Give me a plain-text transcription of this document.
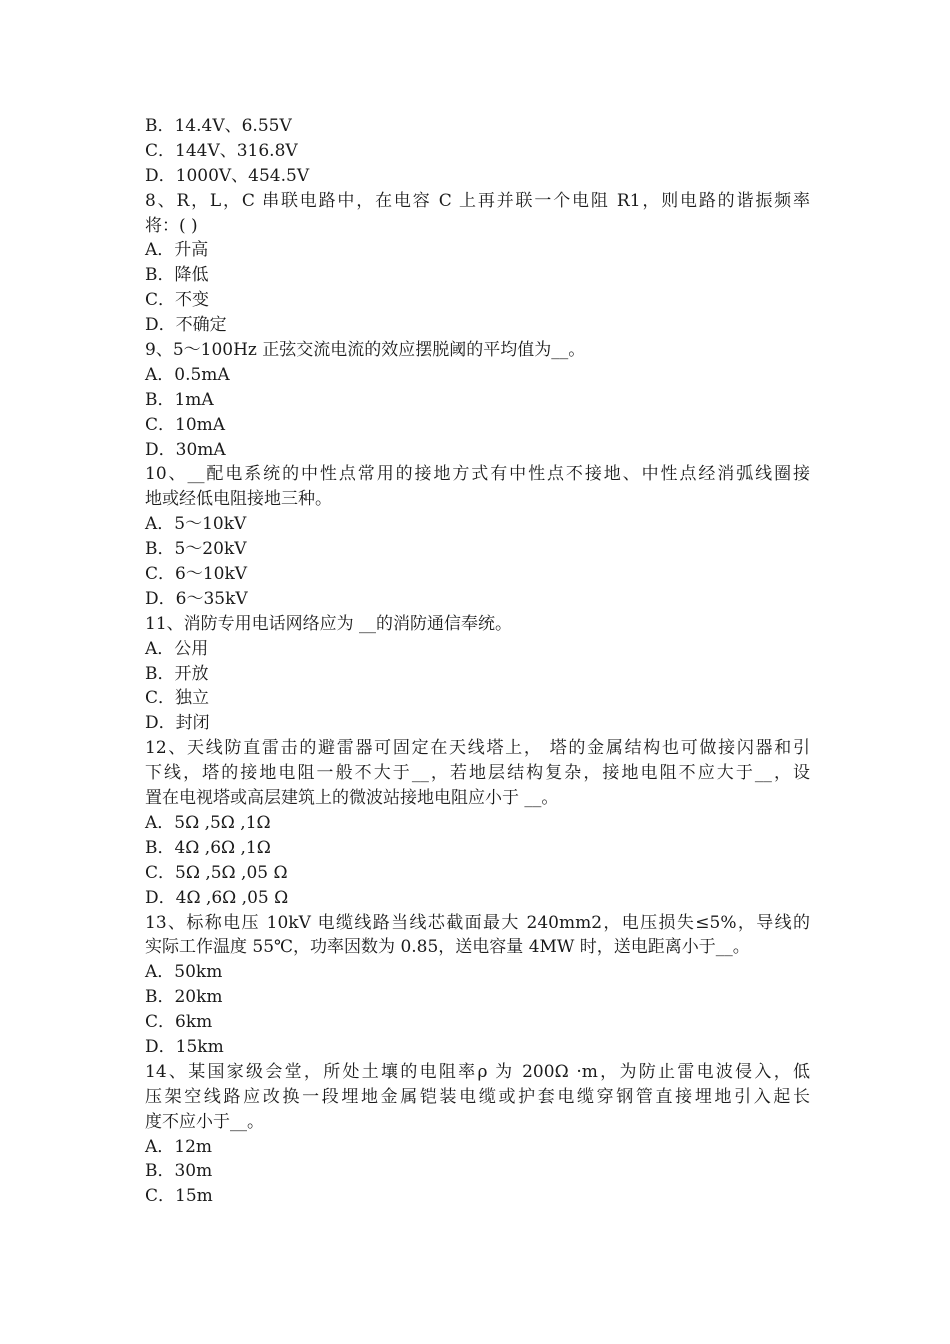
B．14.4V、6.55V
C．144V、316.8V
D．1000V、454.5V
8、R，L，C 串联电路中，在电容 C 上再并联一个电阻 R1，则电路的谐振频率
将：( )
A．升高
B．降低
C．不变
D．不确定
9、5～100Hz 正弦交流电流的效应摆脱阈的平均值为__。
A．0.5mA
B．1mA
C．10mA
D．30mA
10、__配电系统的中性点常用的接地方式有中性点不接地、中性点经消弧线圈接
地或经低电阻接地三种。
A．5～10kV
B．5～20kV
C．6～10kV
D．6～35kV
11、消防专用电话网络应为 __的消防通信奉统。
A．公用
B．开放
C．独立
D．封闭
12、天线防直雷击的避雷器可固定在天线塔上， 塔的金属结构也可做接闪器和引
下线，塔的接地电阻一般不大于__，若地层结构复杂，接地电阻不应大于__，设
置在电视塔或高层建筑上的微波站接地电阻应小于 __。
A．5Ω ,5Ω ,1Ω
B．4Ω ,6Ω ,1Ω
C．5Ω ,5Ω ,05 Ω
D．4Ω ,6Ω ,05 Ω
13、标称电压 10kV 电缆线路当线芯截面最大 240mm2，电压损失≤5%，导线的
实际工作温度 55℃，功率因数为 0.85，送电容量 4MW 时，送电距离小于__。
A．50km
B．20km
C．6km
D．15km
14、某国家级会堂，所处土壤的电阻率ρ 为 200Ω ·m，为防止雷电波侵入，低
压架空线路应改换一段埋地金属铠装电缆或护套电缆穿钢管直接埋地引入起长
度不应小于__。
A．12m
B．30m
C．15m
